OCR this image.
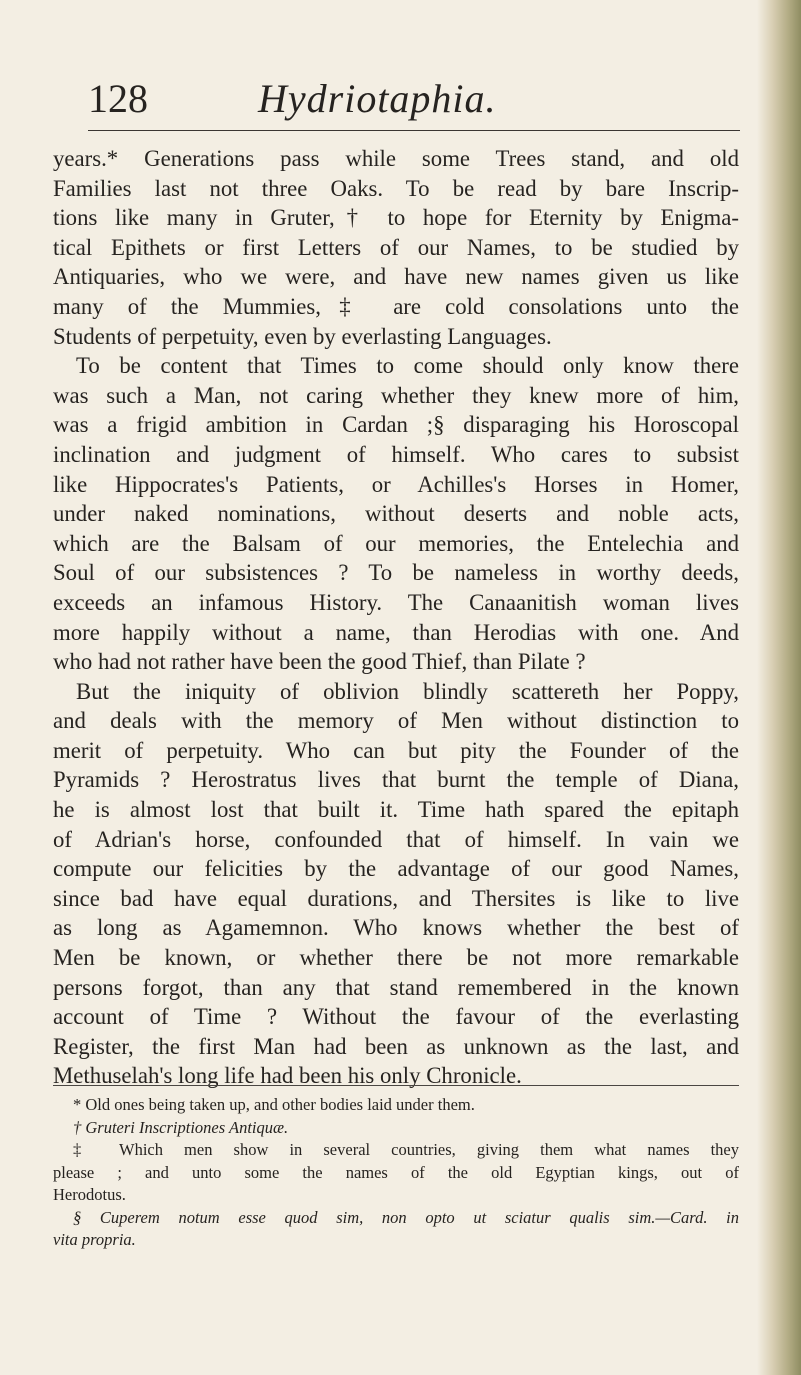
128	Hydriotaphia.
years.* Generations pass while some Trees stand, and old
Families last not three Oaks. To be read by bare Inscrip-
tions like many in Gruter,† to hope for Eternity by Enigma-
tical Epithets or first Letters of our Names, to be studied by
Antiquaries, who we were, and have new names given us like
many of the Mummies,‡ are cold consolations unto the
Students of perpetuity, even by everlasting Languages.
To be content that Times to come should only know there
was such a Man, not caring whether they knew more of him,
was a frigid ambition in Cardan ;§ disparaging his Horoscopal
inclination and judgment of himself. Who cares to subsist
like Hippocrates's Patients, or Achilles's Horses in Homer,
under naked nominations, without deserts and noble acts,
which are the Balsam of our memories, the Entelechia and
Soul of our subsistences ? To be nameless in worthy deeds,
exceeds an infamous History. The Canaanitish woman lives
more happily without a name, than Herodias with one. And
who had not rather have been the good Thief, than Pilate ?
But the iniquity of oblivion blindly scattereth her Poppy,
and deals with the memory of Men without distinction to
merit of perpetuity. Who can but pity the Founder of the
Pyramids ? Herostratus lives that burnt the temple of Diana,
he is almost lost that built it. Time hath spared the epitaph
of Adrian's horse, confounded that of himself. In vain we
compute our felicities by the advantage of our good Names,
since bad have equal durations, and Thersites is like to live
as long as Agamemnon. Who knows whether the best of
Men be known, or whether there be not more remarkable
persons forgot, than any that stand remembered in the known
account of Time ? Without the favour of the everlasting
Register, the first Man had been as unknown as the last, and
Methuselah's long life had been his only Chronicle.
* Old ones being taken up, and other bodies laid under them.
† Gruteri Inscriptiones Antiquæ.
‡ Which men show in several countries, giving them what names they
please ; and unto some the names of the old Egyptian kings, out of
Herodotus.
§ Cuperem notum esse quod sim, non opto ut sciatur qualis sim.—Card. in
vita propria.
